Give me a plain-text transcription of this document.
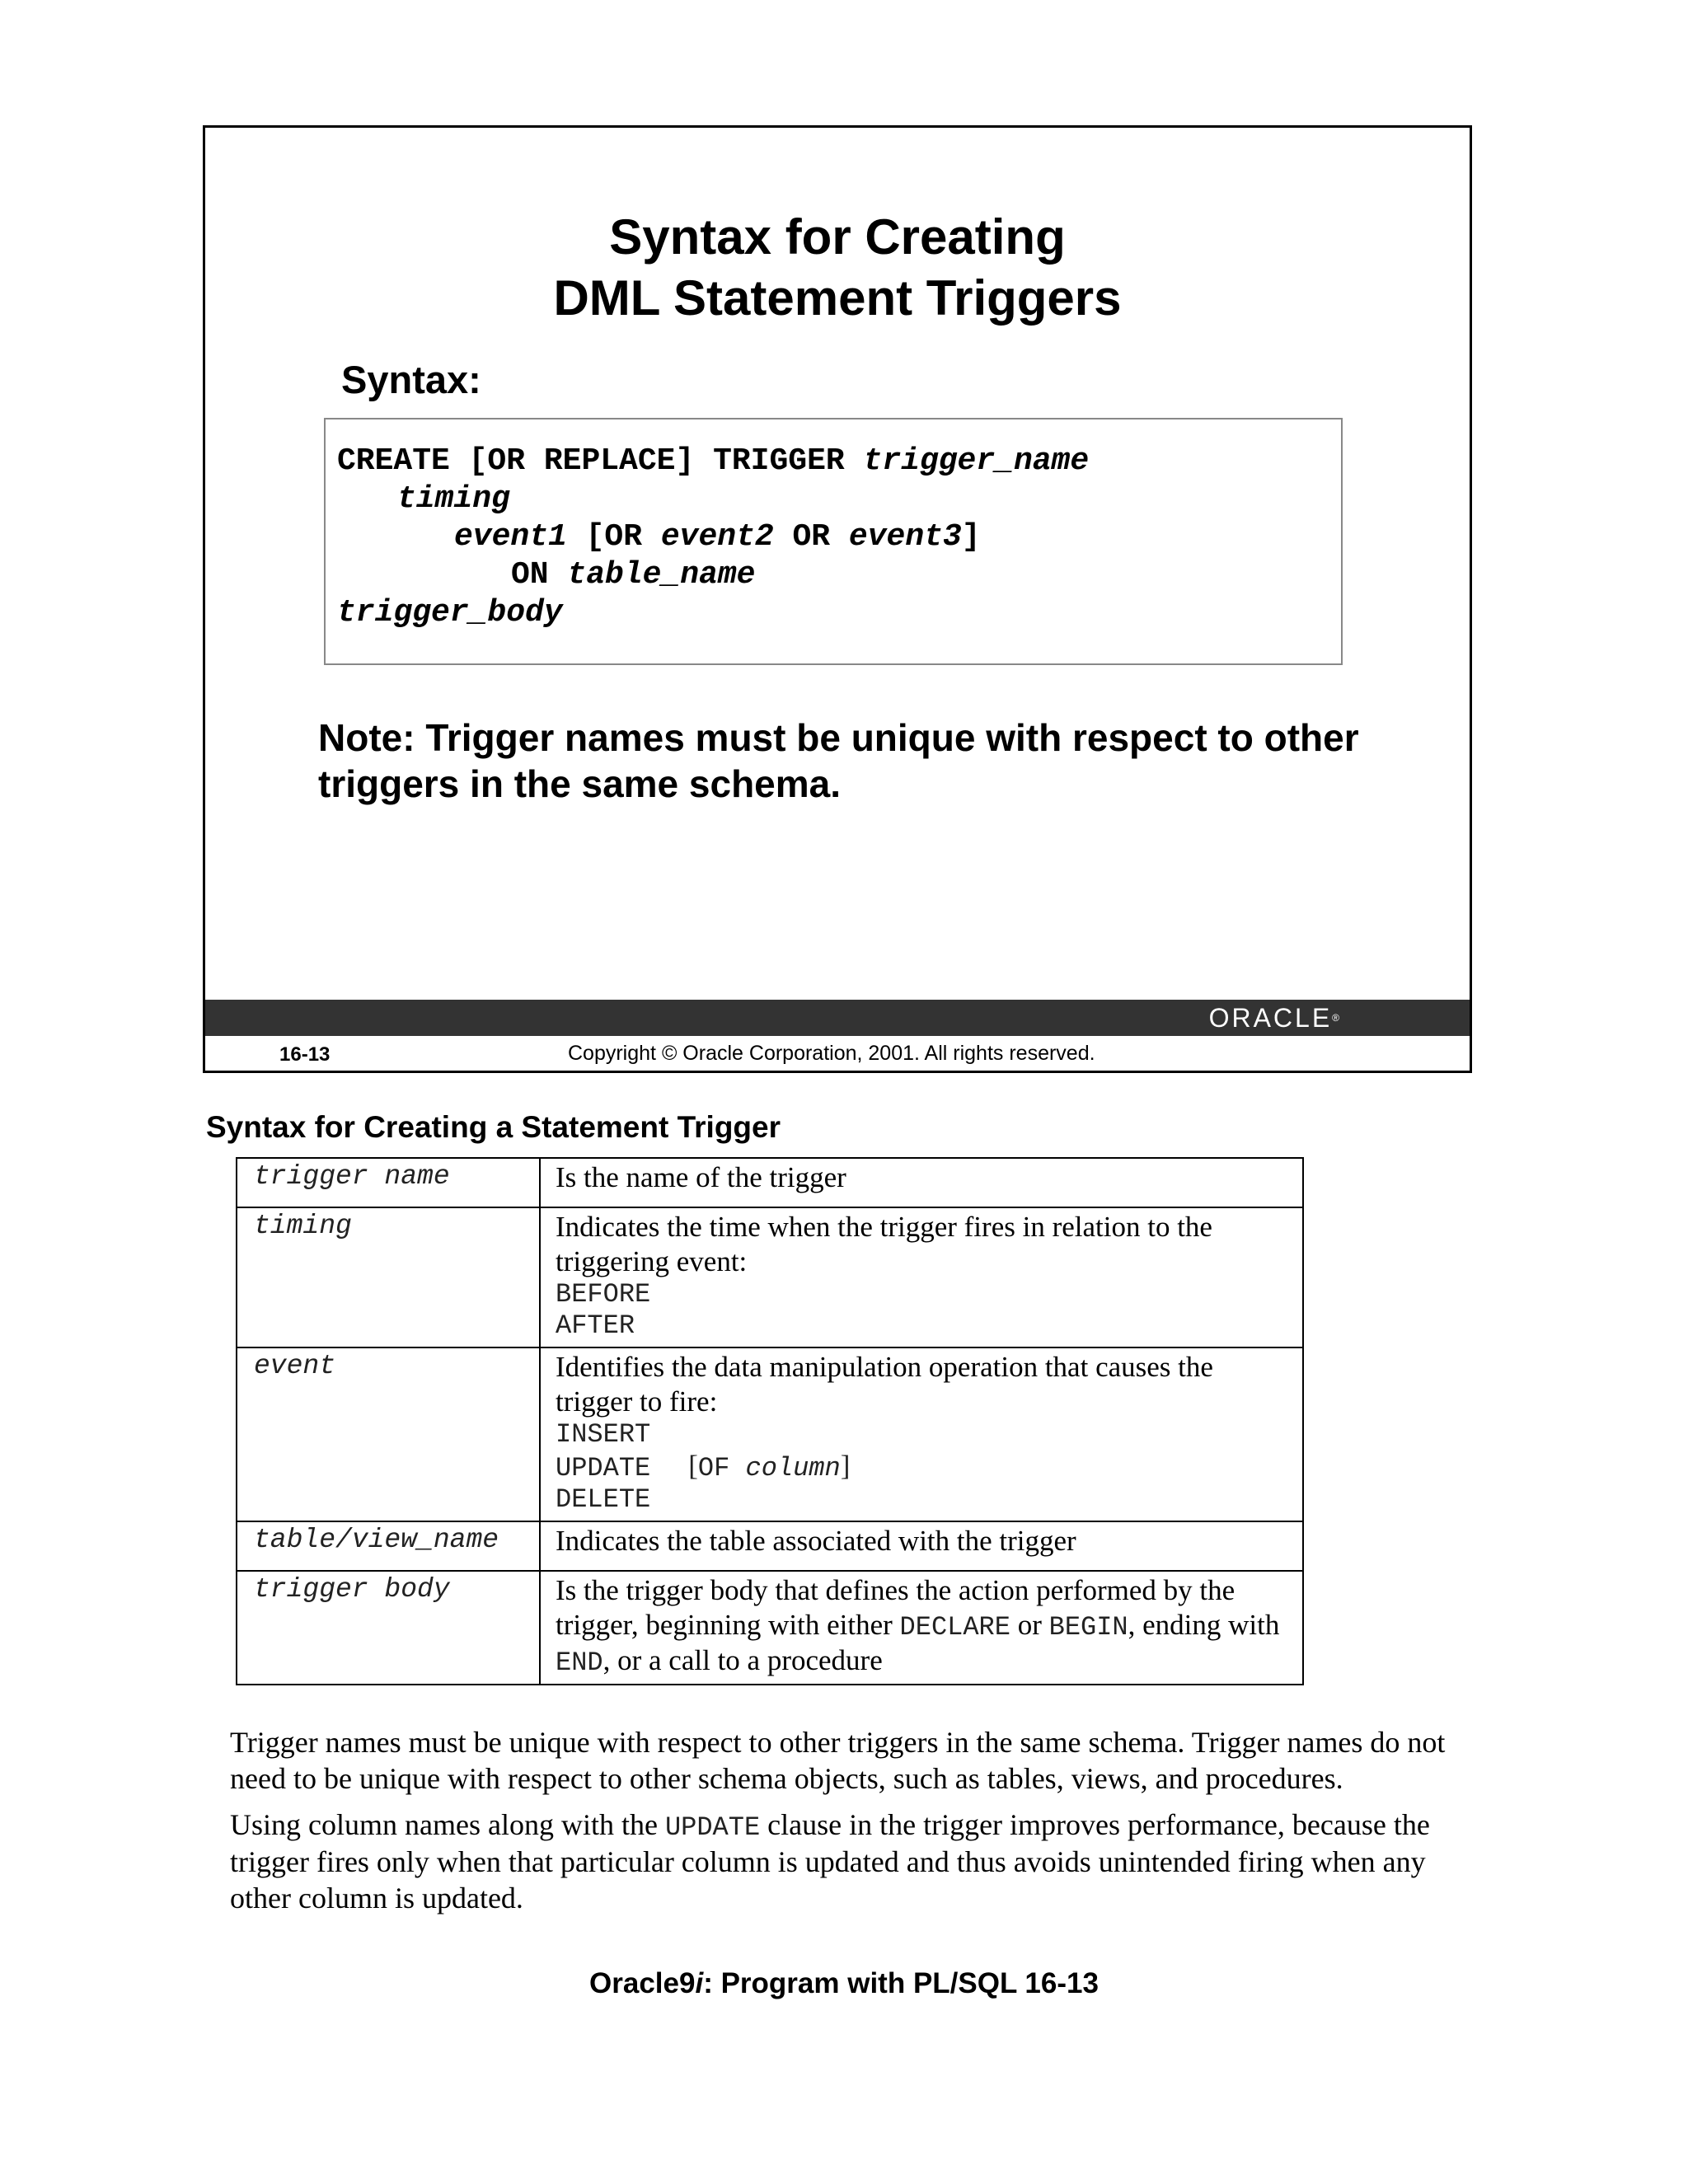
Syntax for Creating
DML Statement Triggers
Syntax:
CREATE [OR REPLACE] TRIGGER trigger_name
timing
event1 [OR event2 OR event3]
ON table_name
trigger_body
Note: Trigger names must be unique with respect to other triggers in the same schema.
ORACLE®
16-13	Copyright © Oracle Corporation, 2001. All rights reserved.
Syntax for Creating a Statement Trigger
trigger name	Is the name of the trigger
timing	Indicates the time when the trigger fires in relation to the triggering event:
BEFORE
AFTER

event	Identifies the data manipulation operation that causes the trigger to fire:
INSERT
UPDATE [OF column]
DELETE

table/view_name	Indicates the table associated with the trigger
trigger body	Is the trigger body that defines the action performed by the trigger, beginning with either DECLARE or BEGIN, ending with END, or a call to a procedure
Trigger names must be unique with respect to other triggers in the same schema. Trigger names do not need to be unique with respect to other schema objects, such as tables, views, and procedures.
Using column names along with the UPDATE clause in the trigger improves performance, because the trigger fires only when that particular column is updated and thus avoids unintended firing when any other column is updated.
Oracle9i: Program with PL/SQL 16-13
